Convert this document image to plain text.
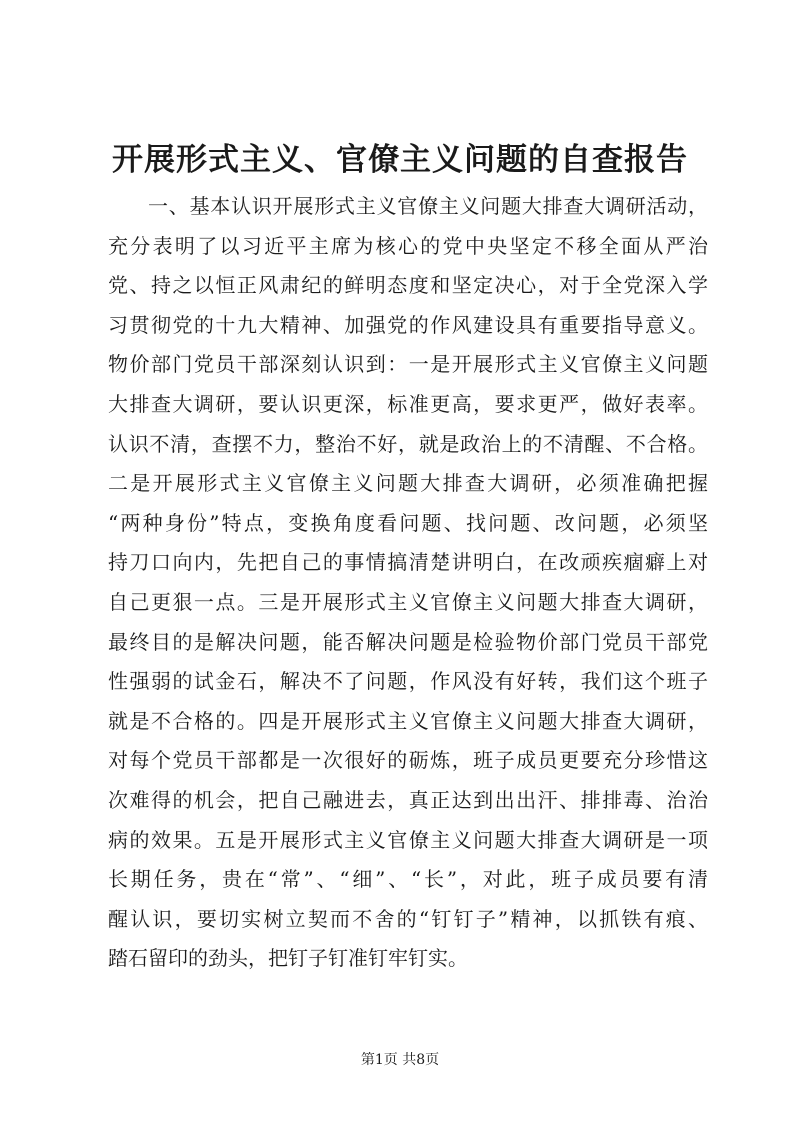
开展形式主义、官僚主义问题的自查报告
一、基本认识开展形式主义官僚主义问题大排查大调研活动，
充分表明了以习近平主席为核心的党中央坚定不移全面从严治
党、持之以恒正风肃纪的鲜明态度和坚定决心，对于全党深入学
习贯彻党的十九大精神、加强党的作风建设具有重要指导意义。
物价部门党员干部深刻认识到：一是开展形式主义官僚主义问题
大排查大调研，要认识更深，标准更高，要求更严，做好表率。
认识不清，查摆不力，整治不好，就是政治上的不清醒、不合格。
二是开展形式主义官僚主义问题大排查大调研，必须准确把握
“两种身份”特点，变换角度看问题、找问题、改问题，必须坚
持刀口向内，先把自己的事情搞清楚讲明白，在改顽疾痼癖上对
自己更狠一点。三是开展形式主义官僚主义问题大排查大调研，
最终目的是解决问题，能否解决问题是检验物价部门党员干部党
性强弱的试金石，解决不了问题，作风没有好转，我们这个班子
就是不合格的。四是开展形式主义官僚主义问题大排查大调研，
对每个党员干部都是一次很好的砺炼，班子成员更要充分珍惜这
次难得的机会，把自己融进去，真正达到出出汗、排排毒、治治
病的效果。五是开展形式主义官僚主义问题大排查大调研是一项
长期任务，贵在“常”、“细”、“长”，对此，班子成员要有清
醒认识，要切实树立契而不舍的“钉钉子”精神，以抓铁有痕、
踏石留印的劲头，把钉子钉准钉牢钉实。
第1页 共8页
